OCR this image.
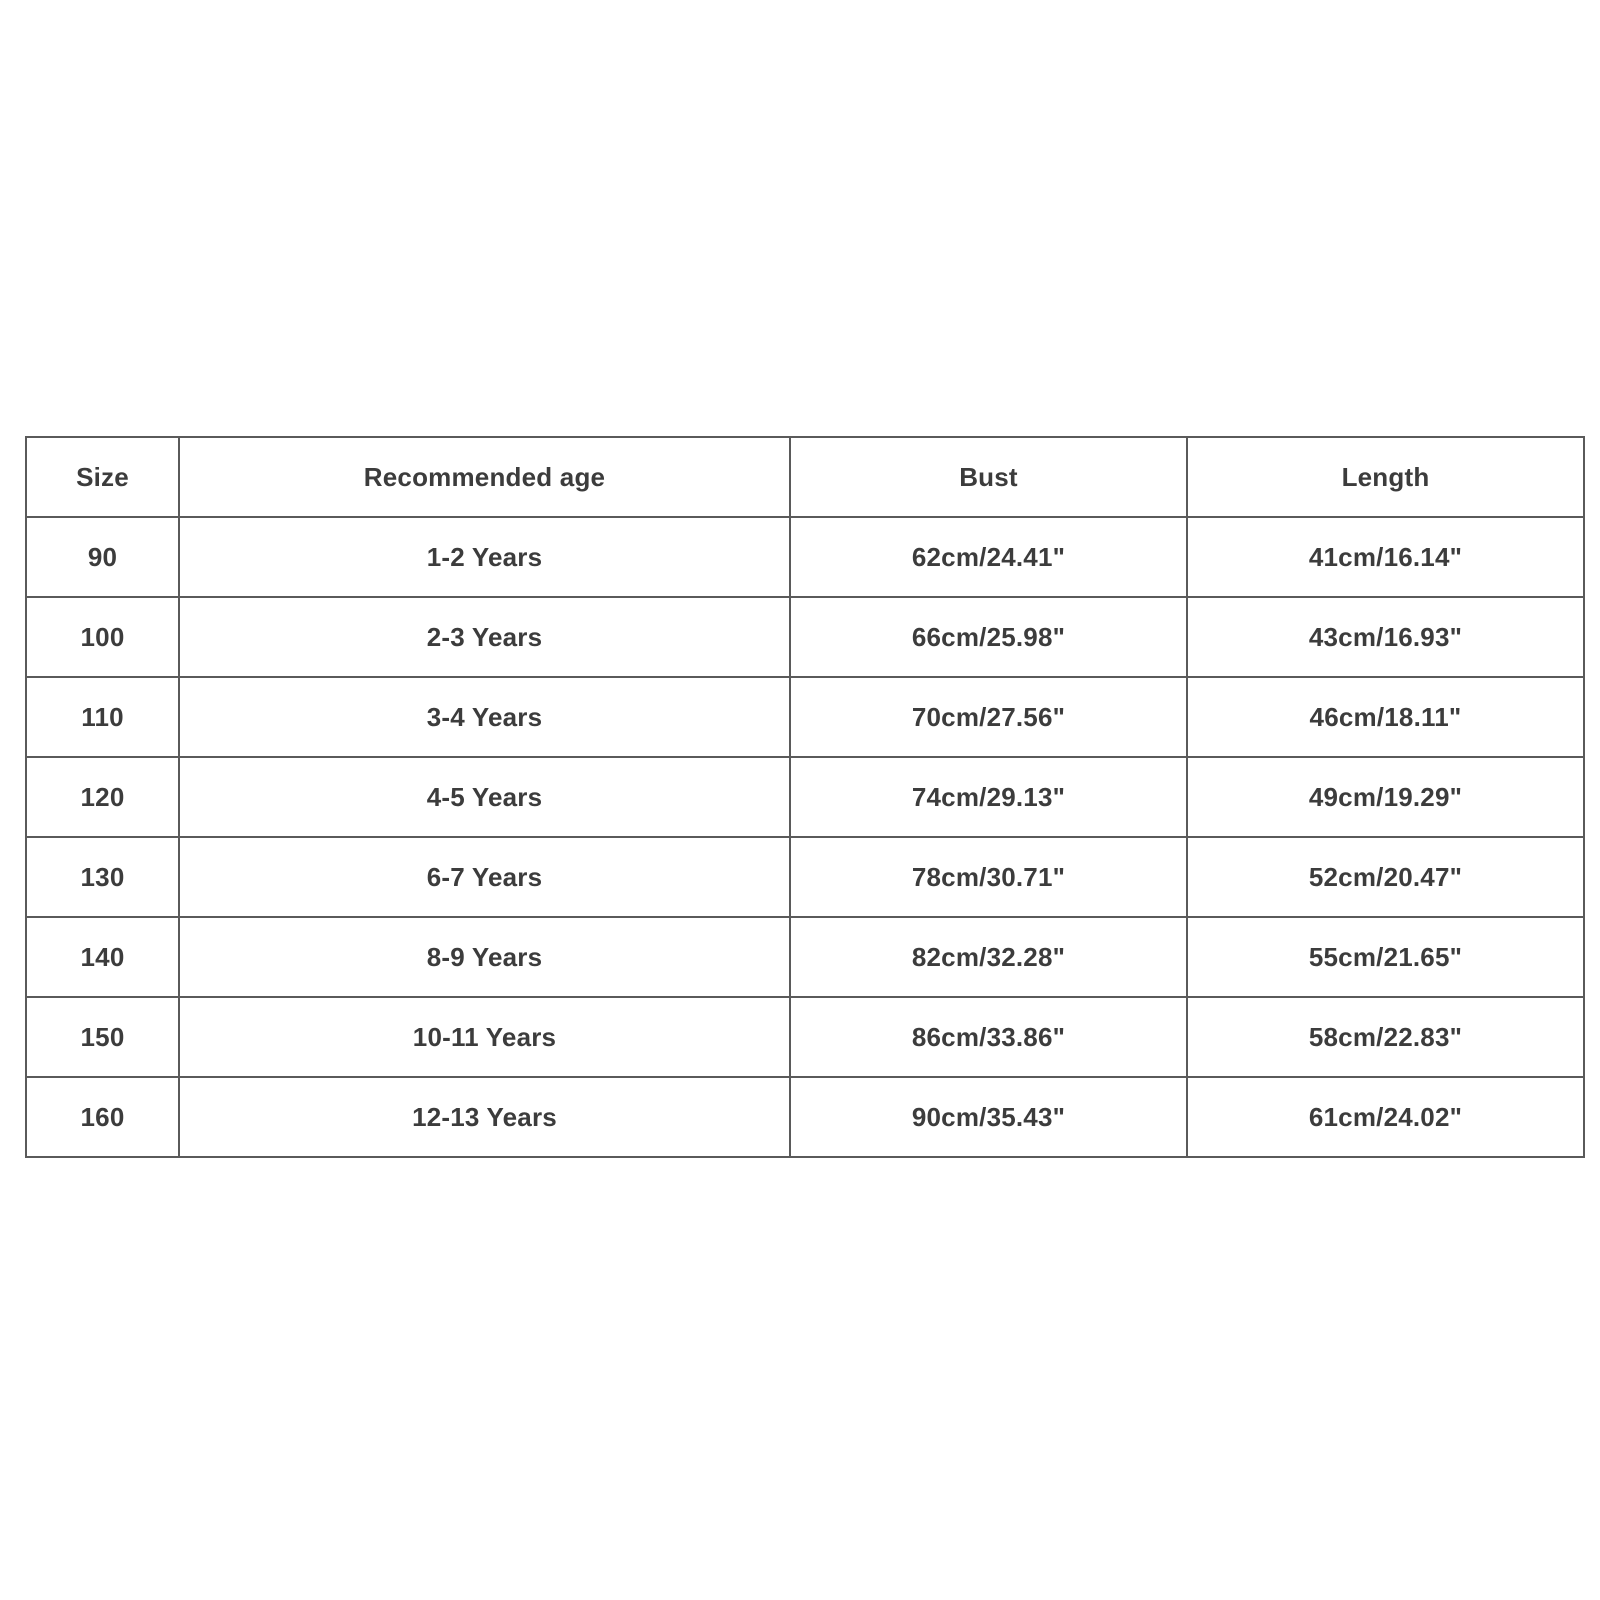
Size	Recommended age	Bust	Length
90	1-2 Years	62cm/24.41"	41cm/16.14"
100	2-3 Years	66cm/25.98"	43cm/16.93"
110	3-4 Years	70cm/27.56"	46cm/18.11"
120	4-5 Years	74cm/29.13"	49cm/19.29"
130	6-7 Years	78cm/30.71"	52cm/20.47"
140	8-9 Years	82cm/32.28"	55cm/21.65"
150	10-11 Years	86cm/33.86"	58cm/22.83"
160	12-13 Years	90cm/35.43"	61cm/24.02"
